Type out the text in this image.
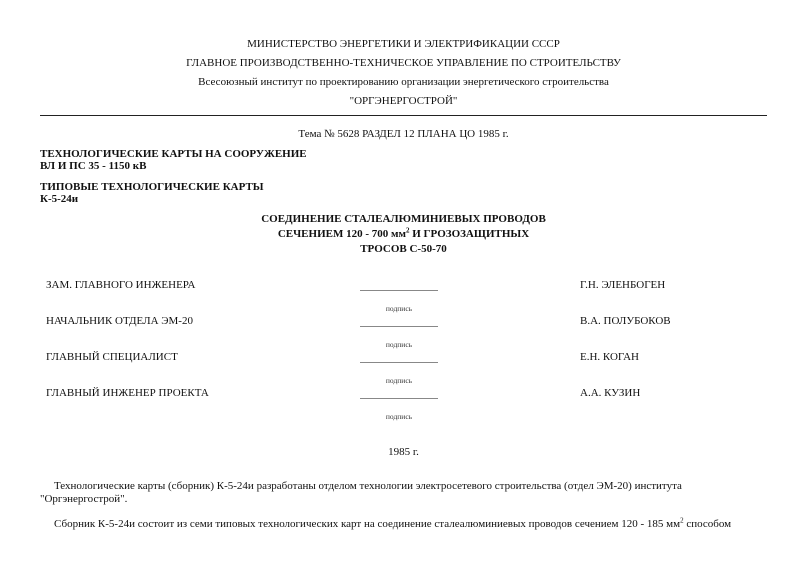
МИНИСТЕРСТВО ЭНЕРГЕТИКИ И ЭЛЕКТРИФИКАЦИИ СССР
ГЛАВНОЕ ПРОИЗВОДСТВЕННО-ТЕХНИЧЕСКОЕ УПРАВЛЕНИЕ ПО СТРОИТЕЛЬСТВУ
Всесоюзный институт по проектированию организации энергетического строительства
"ОРГЭНЕРГОСТРОЙ"
Тема № 5628 РАЗДЕЛ 12 ПЛАНА ЦО 1985 г.
ТЕХНОЛОГИЧЕСКИЕ КАРТЫ НА СООРУЖЕНИЕ
ВЛ И ПС 35 - 1150 кВ
ТИПОВЫЕ ТЕХНОЛОГИЧЕСКИЕ КАРТЫ
К-5-24и
СОЕДИНЕНИЕ СТАЛЕАЛЮМИНИЕВЫХ ПРОВОДОВ
СЕЧЕНИЕМ 120 - 700 $мм^2$ И ГРОЗОЗАЩИТНЫХ
ТРОСОВ С-50-70
ЗАМ. ГЛАВНОГО ИНЖЕНЕРА
подпись
Г.Н. ЭЛЕНБОГЕН
НАЧАЛЬНИК ОТДЕЛА ЭМ-20
подпись
В.А. ПОЛУБОКОВ
ГЛАВНЫЙ СПЕЦИАЛИСТ
подпись
Е.Н. КОГАН
ГЛАВНЫЙ ИНЖЕНЕР ПРОЕКТА
подпись
А.А. КУЗИН
1985 г.
Технологические карты (сборник) К-5-24и разработаны отделом технологии электросетевого строительства (отдел ЭМ-20) института
"Оргэнергострой".
Сборник К-5-24и состоит из семи типовых технологических карт на соединение сталеалюминиевых проводов сечением 120 - 185 $мм^2$ способом
